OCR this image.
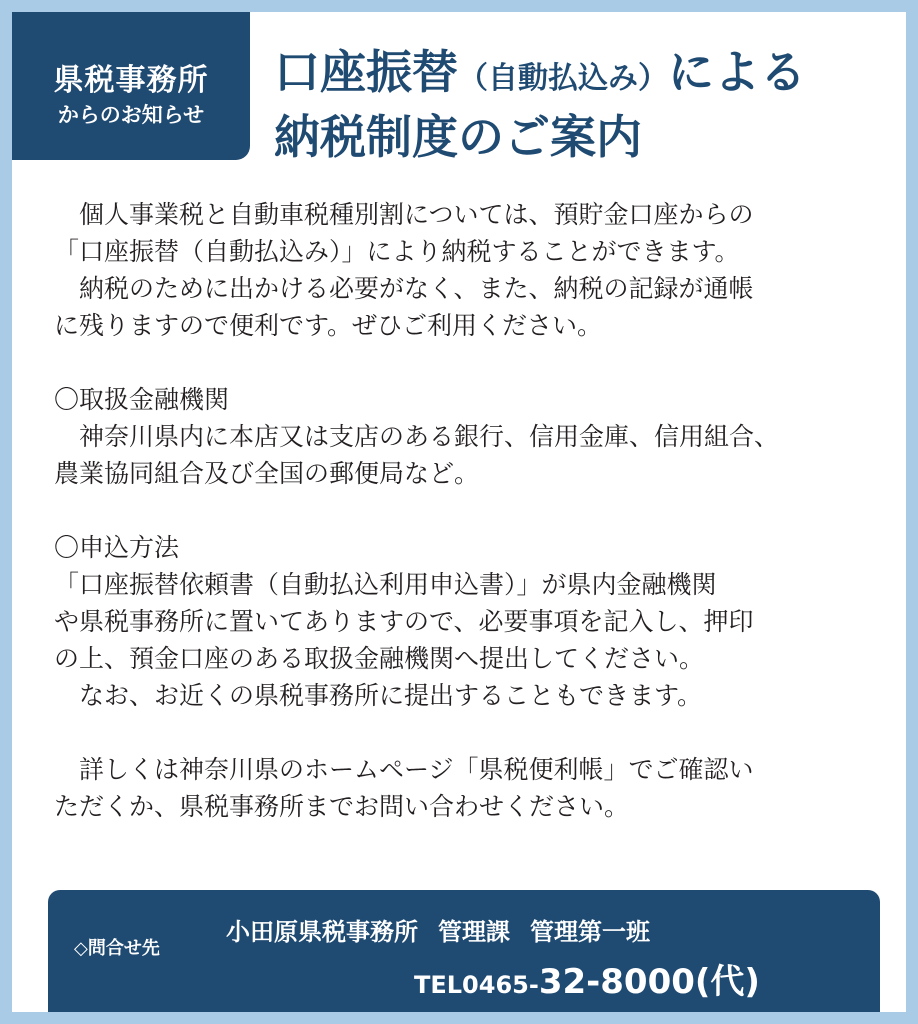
県税事務所
からのお知らせ
口座振替（自動払込み）による
納税制度のご案内

　個人事業税と自動車税種別割については、預貯金口座からの

「口座振替（自動払込み）」により納税することができます。

　納税のために出かける必要がなく、また、納税の記録が通帳

に残りますので便利です。ぜひご利用ください。

〇取扱金融機関

　神奈川県内に本店又は支店のある銀行、信用金庫、信用組合、

農業協同組合及び全国の郵便局など。

〇申込方法

「口座振替依頼書（自動払込利用申込書）」が県内金融機関

や県税事務所に置いてありますので、必要事項を記入し、押印

の上、預金口座のある取扱金融機関へ提出してください。

　なお、お近くの県税事務所に提出することもできます。

　詳しくは神奈川県のホームページ「県税便利帳」でご確認い

ただくか、県税事務所までお問い合わせください。

◇問合せ先
小田原県税事務所 管理課 管理第一班
TEL0465-32-8000(代)
